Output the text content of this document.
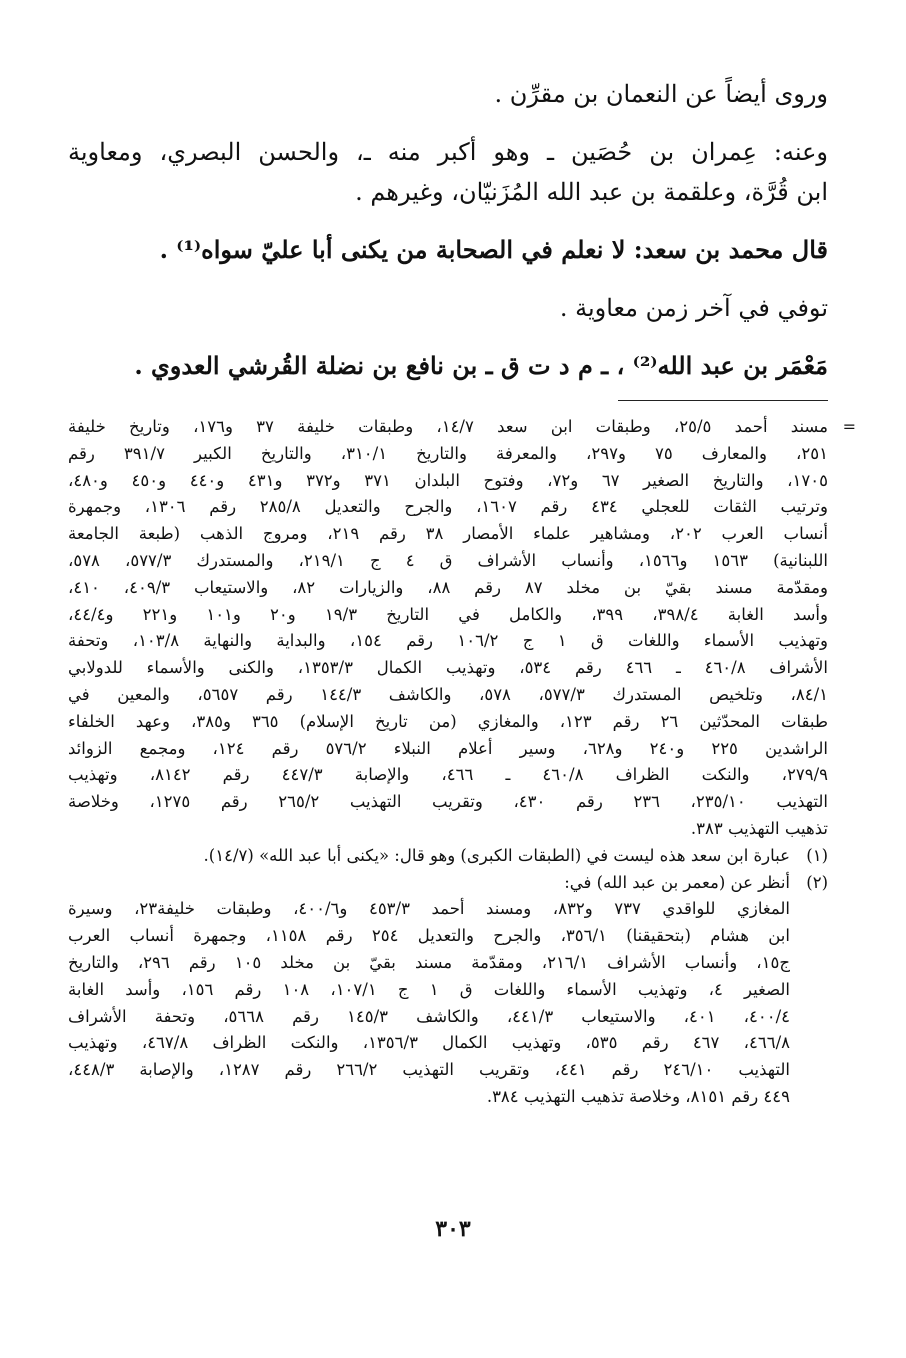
وروى أيضاً عن النعمان بن مقرِّن .

وعنه: عِمران بن حُصَين ـ وهو أكبر منه ـ، والحسن البصري، ومعاوية

ابن قُرَّة، وعلقمة بن عبد الله المُزَنيّان، وغيرهم .

قال محمد بن سعد: لا نعلم في الصحابة من يكنى أبا عليّ سواه⁽¹⁾ .

توفي في آخر زمن معاوية .

مَعْمَر بن عبد الله⁽²⁾ ، ـ م د ت ق ـ بن نافع بن نضلة القُرشي العدوي .

=
مسند أحمد ٢٥/٥، وطبقات ابن سعد ١٤/٧، وطبقات خليفة ٣٧ و١٧٦، وتاريخ خليفة
٢٥١، والمعارف ٧٥ و٢٩٧، والمعرفة والتاريخ ٣١٠/١، والتاريخ الكبير ٣٩١/٧ رقم
١٧٠٥، والتاريخ الصغير ٦٧ و٧٢، وفتوح البلدان ٣٧١ و٣٧٢ و٤٣١ و٤٤٠ و٤٥٠ و٤٨٠،
وترتيب الثقات للعجلي ٤٣٤ رقم ١٦٠٧، والجرح والتعديل ٢٨٥/٨ رقم ١٣٠٦، وجمهرة
أنساب العرب ٢٠٢، ومشاهير علماء الأمصار ٣٨ رقم ٢١٩، ومروج الذهب (طبعة الجامعة
اللبنانية) ١٥٦٣ و١٥٦٦، وأنساب الأشراف ق ٤ ج ٢١٩/١، والمستدرك ٥٧٧/٣، ٥٧٨،
ومقدّمة مسند بقيّ بن مخلد ٨٧ رقم ٨٨، والزيارات ٨٢، والاستيعاب ٤٠٩/٣، ٤١٠،
وأسد الغابة ٣٩٨/٤، ٣٩٩، والكامل في التاريخ ١٩/٣ و٢٠ و١٠١ و٢٢١ و٤٤/٤،
وتهذيب الأسماء واللغات ق ١ ج ١٠٦/٢ رقم ١٥٤، والبداية والنهاية ١٠٣/٨، وتحفة
الأشراف ٤٦٠/٨ ـ ٤٦٦ رقم ٥٣٤، وتهذيب الكمال ١٣٥٣/٣، والكنى والأسماء للدولابي
٨٤/١، وتلخيص المستدرك ٥٧٧/٣، ٥٧٨، والكاشف ١٤٤/٣ رقم ٥٦٥٧، والمعين في
طبقات المحدّثين ٢٦ رقم ١٢٣، والمغازي (من تاريخ الإسلام) ٣٦٥ و٣٨٥، وعهد الخلفاء
الراشدين ٢٢٥ و٢٤٠ و٦٢٨، وسير أعلام النبلاء ٥٧٦/٢ رقم ١٢٤، ومجمع الزوائد
٢٧٩/٩، والنكت الظراف ٤٦٠/٨ ـ ٤٦٦، والإصابة ٤٤٧/٣ رقم ٨١٤٢، وتهذيب
التهذيب ٢٣٥/١٠، ٢٣٦ رقم ٤٣٠، وتقريب التهذيب ٢٦٥/٢ رقم ١٢٧٥، وخلاصة
تذهيب التهذيب ٣٨٣.
(١)
عبارة ابن سعد هذه ليست في (الطبقات الكبرى) وهو قال: «يكنى أبا عبد الله» (١٤/٧).
(٢)
أنظر عن (معمر بن عبد الله) في:
المغازي للواقدي ٧٣٧ و٨٣٢، ومسند أحمد ٤٥٣/٣ و٤٠٠/٦، وطبقات خليفة٢٣، وسيرة
ابن هشام (بتحقيقنا) ٣٥٦/١، والجرح والتعديل ٢٥٤ رقم ١١٥٨، وجمهرة أنساب العرب
ج١٥، وأنساب الأشراف ٢١٦/١، ومقدّمة مسند بقيّ بن مخلد ١٠٥ رقم ٢٩٦، والتاريخ
الصغير ٤، وتهذيب الأسماء واللغات ق ١ ج ١٠٧/١، ١٠٨ رقم ١٥٦، وأسد الغابة
٤٠٠/٤، ٤٠١، والاستيعاب ٤٤١/٣، والكاشف ١٤٥/٣ رقم ٥٦٦٨، وتحفة الأشراف
٤٦٦/٨، ٤٦٧ رقم ٥٣٥، وتهذيب الكمال ١٣٥٦/٣، والنكت الظراف ٤٦٧/٨، وتهذيب
التهذيب ٢٤٦/١٠ رقم ٤٤١، وتقريب التهذيب ٢٦٦/٢ رقم ١٢٨٧، والإصابة ٤٤٨/٣،
٤٤٩ رقم ٨١٥١، وخلاصة تذهيب التهذيب ٣٨٤.
٣٠٣
